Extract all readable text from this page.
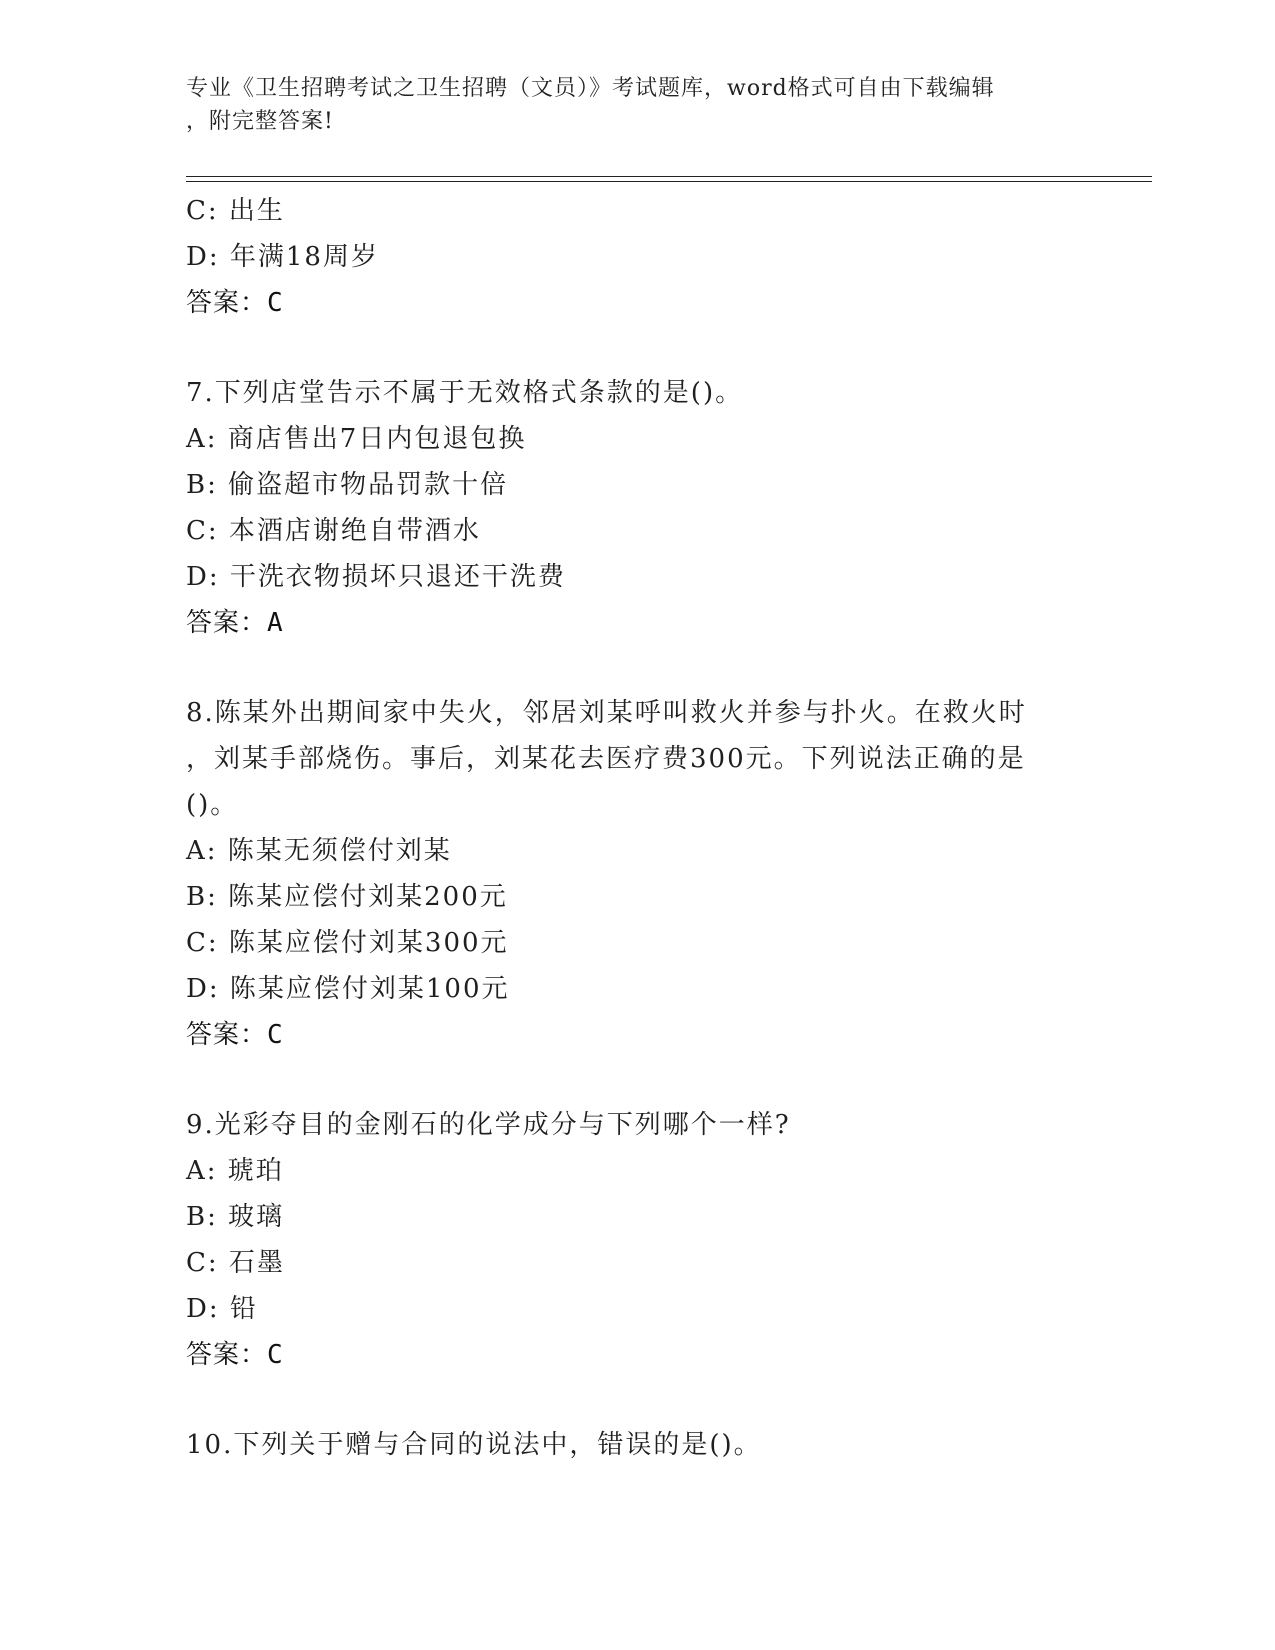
专业《卫生招聘考试之卫生招聘（文员）》考试题库，word格式可自由下载编辑
，附完整答案!
C: 出生
D: 年满18周岁
答案：C
7.下列店堂告示不属于无效格式条款的是()。
A: 商店售出7日内包退包换
B: 偷盗超市物品罚款十倍
C: 本酒店谢绝自带酒水
D: 干洗衣物损坏只退还干洗费
答案：A
8.陈某外出期间家中失火，邻居刘某呼叫救火并参与扑火。在救火时
，刘某手部烧伤。事后，刘某花去医疗费300元。下列说法正确的是
()。
A: 陈某无须偿付刘某
B: 陈某应偿付刘某200元
C: 陈某应偿付刘某300元
D: 陈某应偿付刘某100元
答案：C
9.光彩夺目的金刚石的化学成分与下列哪个一样?
A: 琥珀
B: 玻璃
C: 石墨
D: 铅
答案：C
10.下列关于赠与合同的说法中，错误的是()。
